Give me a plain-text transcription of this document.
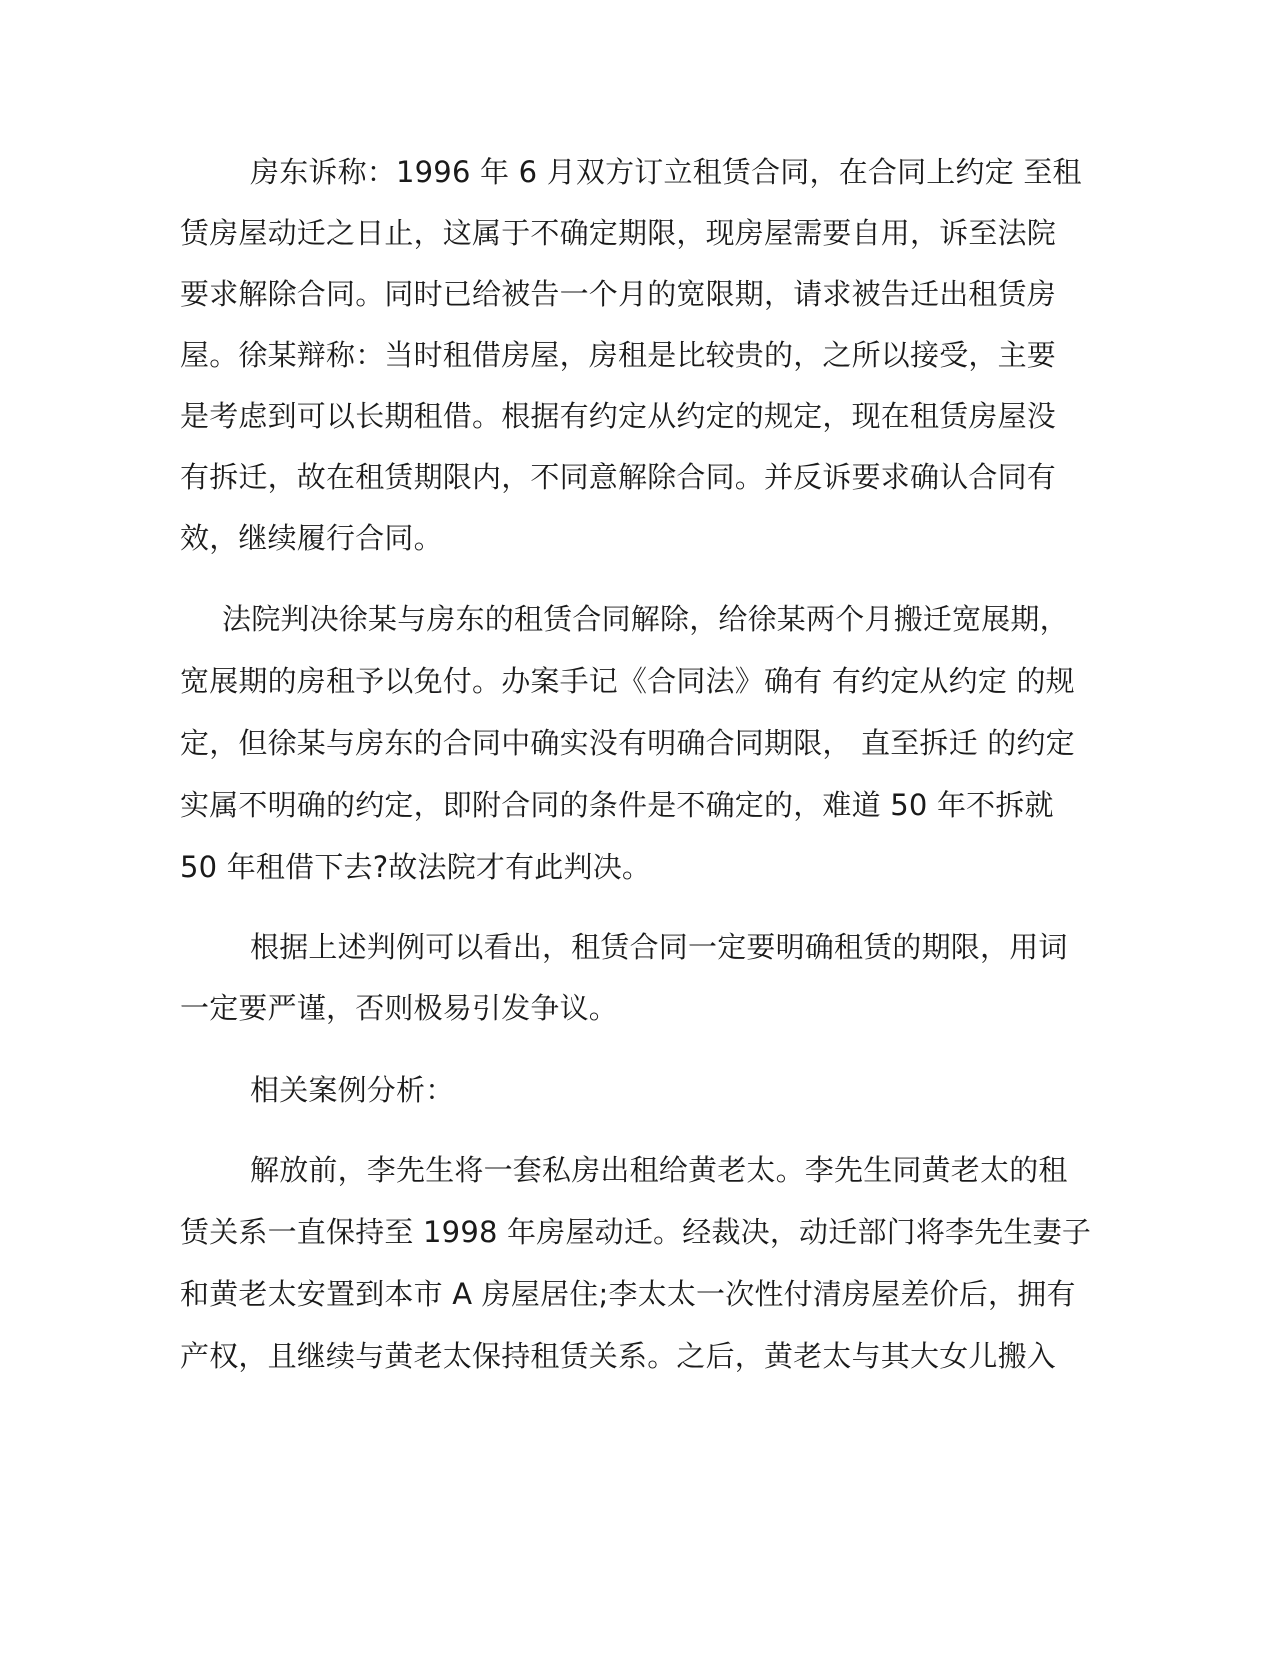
房东诉称：1996 年 6 月双方订立租赁合同，在合同上约定 至租
赁房屋动迁之日止，这属于不确定期限，现房屋需要自用，诉至法院
要求解除合同。同时已给被告一个月的宽限期，请求被告迁出租赁房
屋。徐某辩称：当时租借房屋，房租是比较贵的，之所以接受，主要
是考虑到可以长期租借。根据有约定从约定的规定，现在租赁房屋没
有拆迁，故在租赁期限内，不同意解除合同。并反诉要求确认合同有
效，继续履行合同。
法院判决徐某与房东的租赁合同解除，给徐某两个月搬迁宽展期，
宽展期的房租予以免付。办案手记《合同法》确有 有约定从约定 的规
定，但徐某与房东的合同中确实没有明确合同期限， 直至拆迁 的约定
实属不明确的约定，即附合同的条件是不确定的，难道 50 年不拆就
50 年租借下去?故法院才有此判决。
根据上述判例可以看出，租赁合同一定要明确租赁的期限，用词
一定要严谨，否则极易引发争议。
相关案例分析：
解放前，李先生将一套私房出租给黄老太。李先生同黄老太的租
赁关系一直保持至 1998 年房屋动迁。经裁决，动迁部门将李先生妻子
和黄老太安置到本市 A 房屋居住;李太太一次性付清房屋差价后，拥有
产权，且继续与黄老太保持租赁关系。之后，黄老太与其大女儿搬入
